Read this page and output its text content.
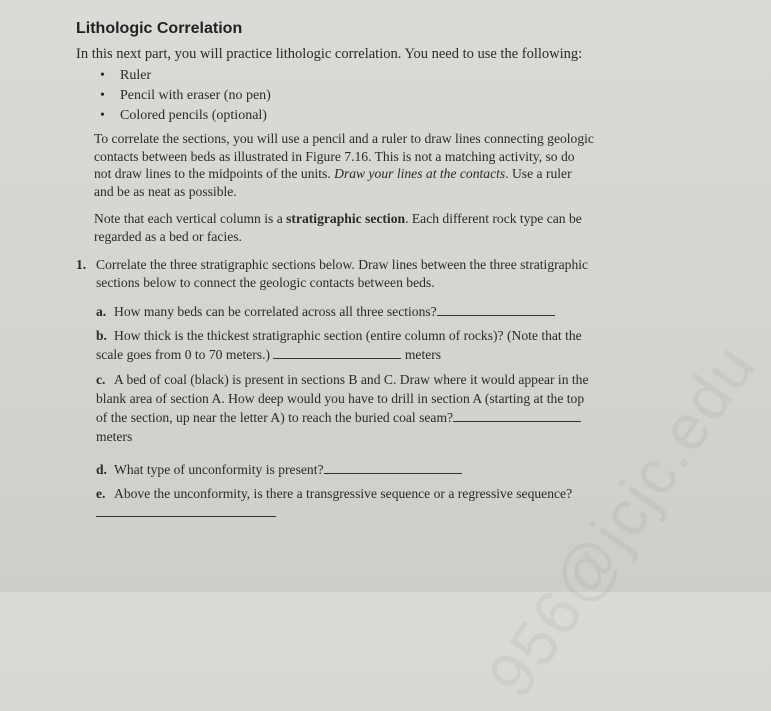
956@jcjc.edu
Lithologic Correlation
In this next part, you will practice lithologic correlation. You need to use the following:
• Ruler
• Pencil with eraser (no pen)
• Colored pencils (optional)
To correlate the sections, you will use a pencil and a ruler to draw lines connecting geologic contacts between beds as illustrated in Figure 7.16. This is not a matching activity, so do not draw lines to the midpoints of the units. Draw your lines at the contacts. Use a ruler and be as neat as possible.
Note that each vertical column is a stratigraphic section. Each different rock type can be regarded as a bed or facies.
1. Correlate the three stratigraphic sections below. Draw lines between the three stratigraphic sections below to connect the geologic contacts between beds.
a. How many beds can be correlated across all three sections?
b. How thick is the thickest stratigraphic section (entire column of rocks)? (Note that the scale goes from 0 to 70 meters.)	meters
c. A bed of coal (black) is present in sections B and C. Draw where it would appear in the blank area of section A. How deep would you have to drill in section A (starting at the top of the section, up near the letter A) to reach the buried coal seam? meters
d. What type of unconformity is present?
e. Above the unconformity, is there a transgressive sequence or a regressive sequence?
